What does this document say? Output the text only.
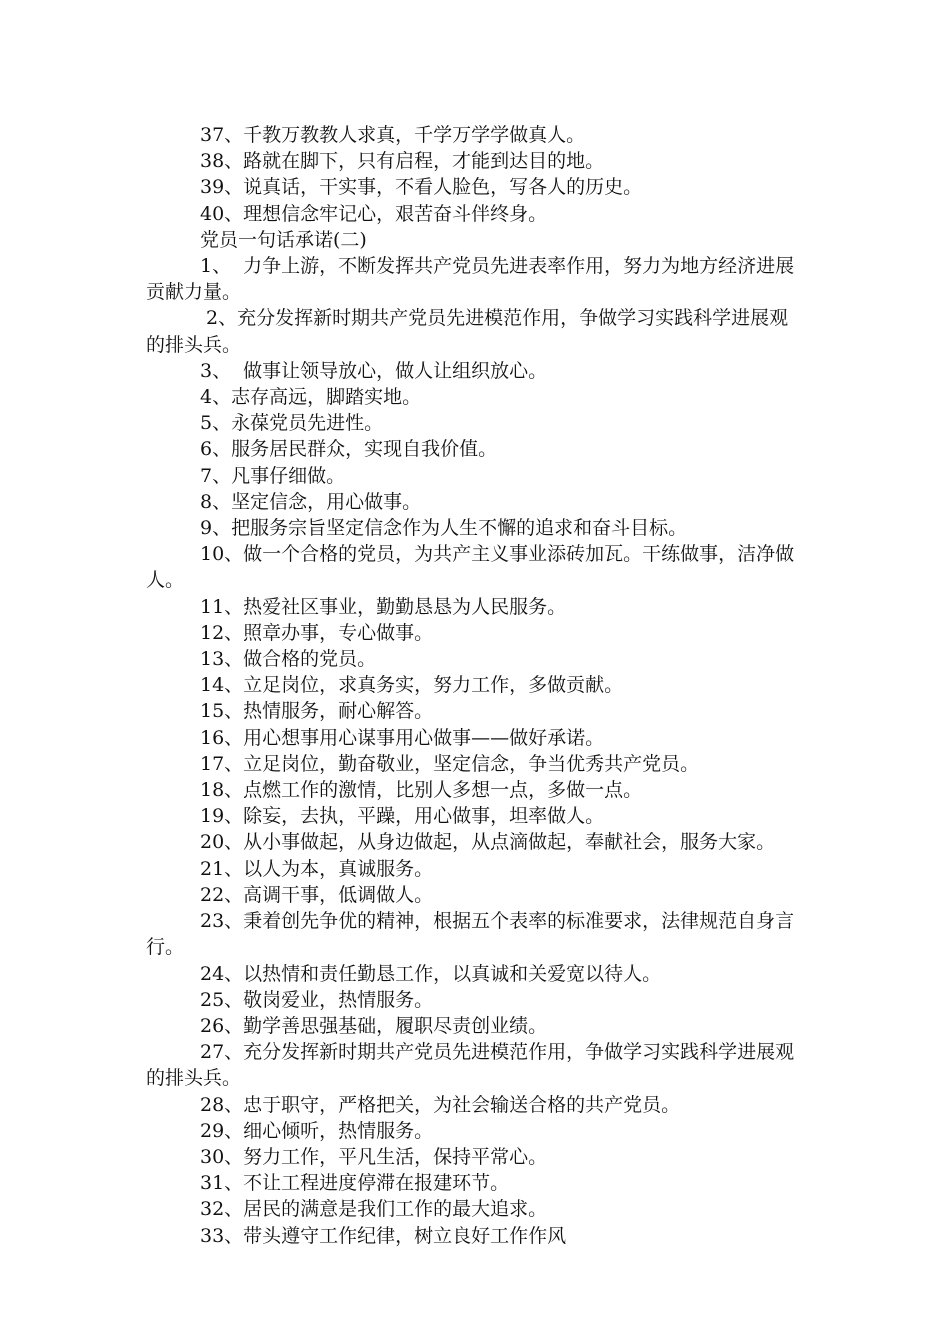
37、千教万教教人求真，千学万学学做真人。

38、路就在脚下，只有启程，才能到达目的地。

39、说真话，干实事，不看人脸色，写各人的历史。

40、理想信念牢记心，艰苦奋斗伴终身。

党员一句话承诺(二)

1、  力争上游，不断发挥共产党员先进表率作用，努力为地方经济进展贡献力量。

2、充分发挥新时期共产党员先进模范作用，争做学习实践科学进展观的排头兵。

3、  做事让领导放心，做人让组织放心。

4、志存高远，脚踏实地。

5、永葆党员先进性。

6、服务居民群众，实现自我价值。

7、凡事仔细做。

8、坚定信念，用心做事。

9、把服务宗旨坚定信念作为人生不懈的追求和奋斗目标。

10、做一个合格的党员，为共产主义事业添砖加瓦。干练做事，洁净做人。

11、热爱社区事业，勤勤恳恳为人民服务。

12、照章办事，专心做事。

13、做合格的党员。

14、立足岗位，求真务实，努力工作，多做贡献。

15、热情服务，耐心解答。

16、用心想事用心谋事用心做事——做好承诺。

17、立足岗位，勤奋敬业，坚定信念，争当优秀共产党员。

18、点燃工作的激情，比别人多想一点，多做一点。

19、除妄，去执，平躁，用心做事，坦率做人。

20、从小事做起，从身边做起，从点滴做起，奉献社会，服务大家。

21、以人为本，真诚服务。

22、高调干事，低调做人。

23、秉着创先争优的精神，根据五个表率的标准要求，法律规范自身言行。

24、以热情和责任勤恳工作，以真诚和关爱宽以待人。

25、敬岗爱业，热情服务。

26、勤学善思强基础，履职尽责创业绩。

27、充分发挥新时期共产党员先进模范作用，争做学习实践科学进展观的排头兵。

28、忠于职守，严格把关，为社会输送合格的共产党员。

29、细心倾听，热情服务。

30、努力工作，平凡生活，保持平常心。

31、不让工程进度停滞在报建环节。

32、居民的满意是我们工作的最大追求。

33、带头遵守工作纪律，树立良好工作作风
